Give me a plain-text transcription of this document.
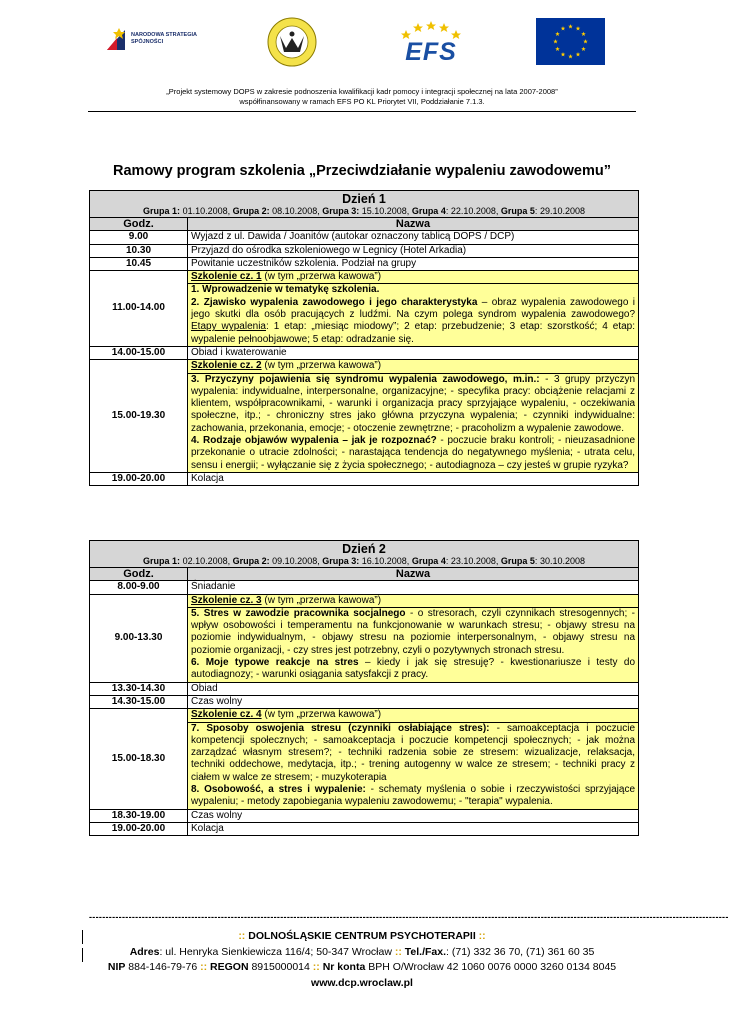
NARODOWA STRATEGIA SPÓJNOŚCI	EFS
„Projekt systemowy DOPS w zakresie podnoszenia kwalifikacji kadr pomocy i integracji społecznej na lata 2007-2008”
współfinansowany w ramach EFS PO KL Priorytet VII, Poddziałanie 7.1.3.
Ramowy program szkolenia „Przeciwdziałanie wypaleniu zawodowemu”
Dzień 1
Grupa 1: 01.10.2008, Grupa 2: 08.10.2008, Grupa 3: 15.10.2008, Grupa 4: 22.10.2008, Grupa 5: 29.10.2008	

Godz.	Nazwa
9.00	Wyjazd z ul. Dawida / Joanitów (autokar oznaczony tablicą DOPS / DCP)
10.30	Przyjazd do ośrodka szkoleniowego w Legnicy (Hotel Arkadia)
10.45	Powitanie uczestników szkolenia. Podział na grupy
11.00-14.00	Szkolenie cz. 1 (w tym „przerwa kawowa”)

	1. Wprowadzenie w tematykę szkolenia.
2. Zjawisko wypalenia zawodowego i jego charakterystyka – obraz wypalenia zawodowego i jego skutki dla osób pracujących z ludźmi. Na czym polega syndrom wypalenia zawodowego? Etapy wypalenia: 1 etap: „miesiąc miodowy”; 2 etap: przebudzenie; 3 etap: szorstkość; 4 etap: wypalenie pełnoobjawowe; 5 etap: odradzanie się.

14.00-15.00	Obiad i kwaterowanie
15.00-19.30	Szkolenie cz. 2 (w tym „przerwa kawowa”)

	3. Przyczyny pojawienia się syndromu wypalenia zawodowego, m.in.: - 3 grupy przyczyn wypalenia: indywidualne, interpersonalne, organizacyjne; - specyfika pracy: obciążenie relacjami z klientem, współpracownikami, - warunki i organizacja pracy sprzyjające wypaleniu, - oczekiwania społeczne, itp.; - chroniczny stres jako główna przyczyna wypalenia; - czynniki indywidualne: zachowania, przekonania, emocje; - otoczenie zewnętrzne; - pracoholizm a wypalenie zawodowe.
4. Rodzaje objawów wypalenia – jak je rozpoznać? - poczucie braku kontroli; - nieuzasadnione przekonanie o utracie zdolności; - narastająca tendencja do negatywnego myślenia; - utrata celu, sensu i energii; - wyłączanie się z życia społecznego; - autodiagnoza – czy jesteś w grupie ryzyka?

19.00-20.00	Kolacja
Dzień 2
Grupa 1: 02.10.2008, Grupa 2: 09.10.2008, Grupa 3: 16.10.2008, Grupa 4: 23.10.2008, Grupa 5: 30.10.2008	

Godz.	Nazwa
8.00-9.00	Śniadanie
9.00-13.30	Szkolenie cz. 3 (w tym „przerwa kawowa”)

	5. Stres w zawodzie pracownika socjalnego - o stresorach, czyli czynnikach stresogennych; - wpływ osobowości i temperamentu na funkcjonowanie w warunkach stresu; - objawy stresu na poziomie indywidualnym, - objawy stresu na poziomie interpersonalnym, - objawy stresu na poziomie organizacji, - czy stres jest potrzebny, czyli o pozytywnych stronach stresu.
6. Moje typowe reakcje na stres – kiedy i jak się stresuję? - kwestionariusze i testy do autodiagnozy; - warunki osiągania satysfakcji z pracy.

13.30-14.30	Obiad
14.30-15.00	Czas wolny
15.00-18.30	Szkolenie cz. 4 (w tym „przerwa kawowa”)

	7. Sposoby oswojenia stresu (czynniki osłabiające stres): - samoakceptacja i poczucie kompetencji społecznych; - samoakceptacja i poczucie kompetencji społecznych; - jak można zarządzać własnym stresem?; - techniki radzenia sobie ze stresem: wizualizacje, relaksacja, techniki oddechowe, medytacja, itp.; - trening autogenny w walce ze stresem; - techniki pracy z ciałem w walce ze stresem; - muzykoterapia
8. Osobowość, a stres i wypalenie: - schematy myślenia o sobie i rzeczywistości sprzyjające wypaleniu; - metody zapobiegania wypaleniu zawodowemu; - "terapia" wypalenia.

18.30-19.00	Czas wolny
19.00-20.00	Kolacja
--------------------------------------------------------------------------------------------------------------------------------------------------------------------------------------------------
:: DOLNOŚLĄSKIE CENTRUM PSYCHOTERAPII ::
Adres: ul. Henryka Sienkiewicza 116/4; 50-347 Wrocław :: Tel./Fax.: (71) 332 36 70, (71) 361 60 35
NIP 884-146-79-76 :: REGON 8915000014 :: Nr konta BPH O/Wrocław 42 1060 0076 0000 3260 0134 8045
www.dcp.wroclaw.pl
